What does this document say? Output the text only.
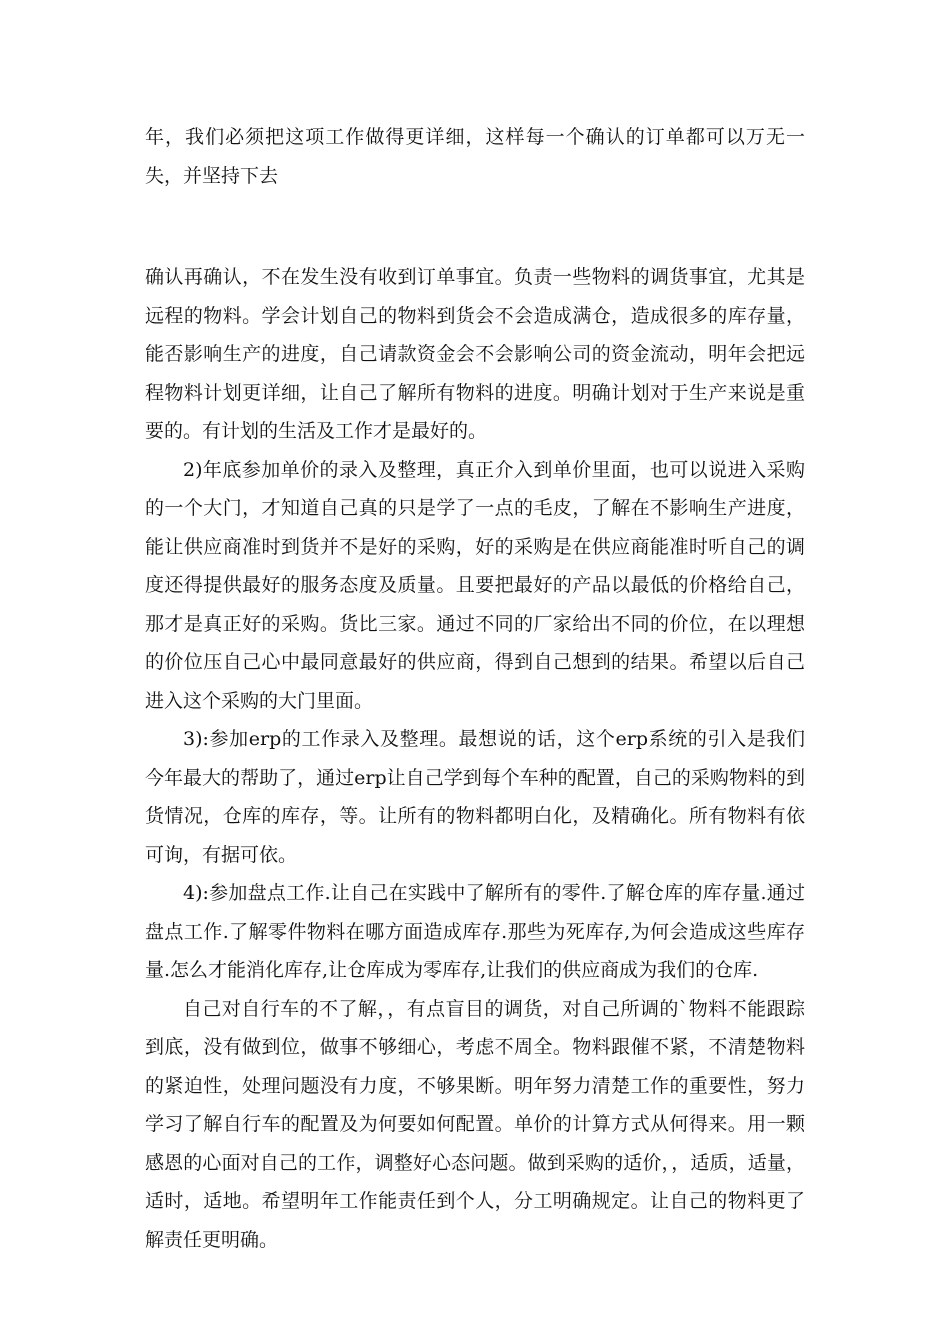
年，我们必须把这项工作做得更详细，这样每一个确认的订单都可以万无一失，并坚持下去

确认再确认，不在发生没有收到订单事宜。负责一些物料的调货事宜，尤其是远程的物料。学会计划自己的物料到货会不会造成满仓，造成很多的库存量，能否影响生产的进度，自己请款资金会不会影响公司的资金流动，明年会把远程物料计划更详细，让自己了解所有物料的进度。明确计划对于生产来说是重要的。有计划的生活及工作才是最好的。

2)年底参加单价的录入及整理，真正介入到单价里面，也可以说进入采购的一个大门，才知道自己真的只是学了一点的毛皮，了解在不影响生产进度，能让供应商准时到货并不是好的采购，好的采购是在供应商能准时听自己的调度还得提供最好的服务态度及质量。且要把最好的产品以最低的价格给自己，那才是真正好的采购。货比三家。通过不同的厂家给出不同的价位，在以理想的价位压自己心中最同意最好的供应商，得到自己想到的结果。希望以后自己进入这个采购的大门里面。

3):参加erp的工作录入及整理。最想说的话，这个erp系统的引入是我们今年最大的帮助了，通过erp让自己学到每个车种的配置，自己的采购物料的到货情况，仓库的库存，等。让所有的物料都明白化，及精确化。所有物料有依可询，有据可依。

4):参加盘点工作.让自己在实践中了解所有的零件.了解仓库的库存量.通过盘点工作.了解零件物料在哪方面造成库存.那些为死库存,为何会造成这些库存量.怎么才能消化库存,让仓库成为零库存,让我们的供应商成为我们的仓库.

自己对自行车的不了解，，有点盲目的调货，对自己所调的`物料不能跟踪到底，没有做到位，做事不够细心，考虑不周全。物料跟催不紧，不清楚物料的紧迫性，处理问题没有力度，不够果断。明年努力清楚工作的重要性，努力学习了解自行车的配置及为何要如何配置。单价的计算方式从何得来。用一颗感恩的心面对自己的工作，调整好心态问题。做到采购的适价，，适质，适量，适时，适地。希望明年工作能责任到个人，分工明确规定。让自己的物料更了解责任更明确。
